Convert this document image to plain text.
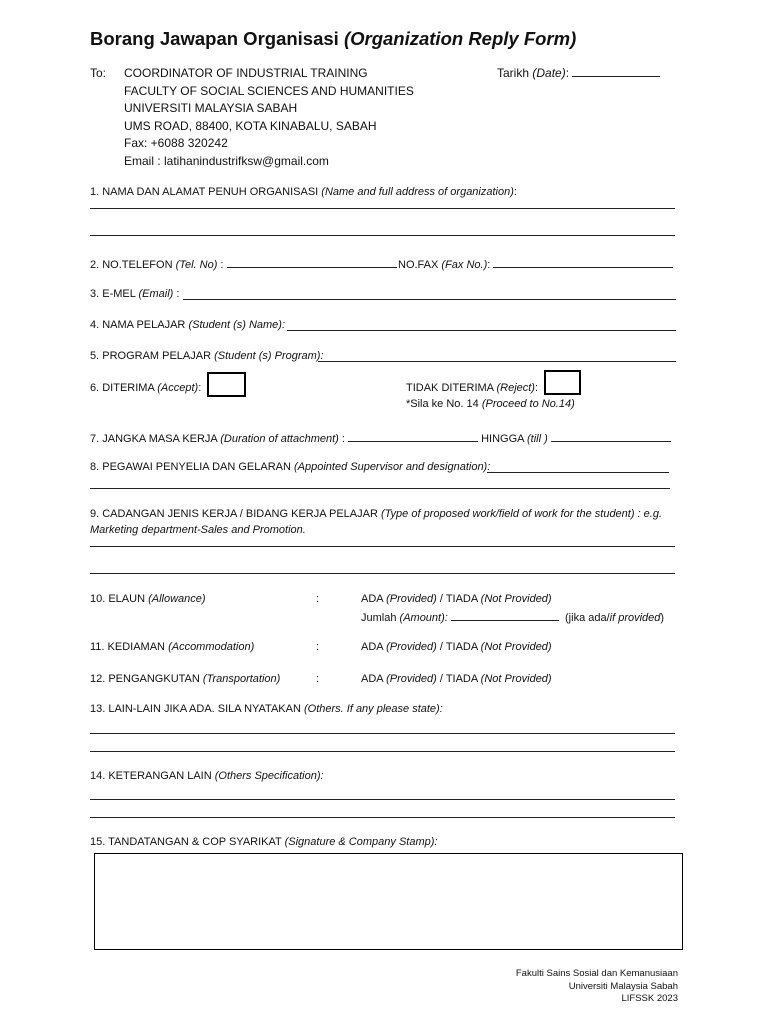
Borang Jawapan Organisasi (Organization Reply Form)
To: COORDINATOR OF INDUSTRIAL TRAINING
FACULTY OF SOCIAL SCIENCES AND HUMANITIES
UNIVERSITI MALAYSIA SABAH
UMS ROAD, 88400, KOTA KINABALU, SABAH
Fax: +6088 320242
Email : latihanindustrifksw@gmail.com
Tarikh (Date):
1. NAMA DAN ALAMAT PENUH ORGANISASI (Name and full address of organization):
2. NO.TELEFON (Tel. No) :	NO.FAX (Fax No.):
3. E-MEL (Email) :
4. NAMA PELAJAR (Student (s) Name):
5. PROGRAM PELAJAR (Student (s) Program):
6. DITERIMA (Accept):	TIDAK DITERIMA (Reject):
*Sila ke No. 14 (Proceed to No.14)
7. JANGKA MASA KERJA (Duration of attachment) :	HINGGA (till )
8. PEGAWAI PENYELIA DAN GELARAN (Appointed Supervisor and designation):
9. CADANGAN JENIS KERJA / BIDANG KERJA PELAJAR (Type of proposed work/field of work for the student) : e.g.
Marketing department-Sales and Promotion.
10. ELAUN (Allowance)	:	ADA (Provided) / TIADA (Not Provided)
Jumlah (Amount):	(jika ada/if provided)
11. KEDIAMAN (Accommodation)	:	ADA (Provided) / TIADA (Not Provided)
12. PENGANGKUTAN (Transportation)	:	ADA (Provided) / TIADA (Not Provided)
13. LAIN-LAIN JIKA ADA. SILA NYATAKAN (Others. If any please state):
14. KETERANGAN LAIN (Others Specification):
15. TANDATANGAN & COP SYARIKAT (Signature & Company Stamp):
Fakulti Sains Sosial dan Kemanusiaan
Universiti Malaysia Sabah
LIFSSK 2023
